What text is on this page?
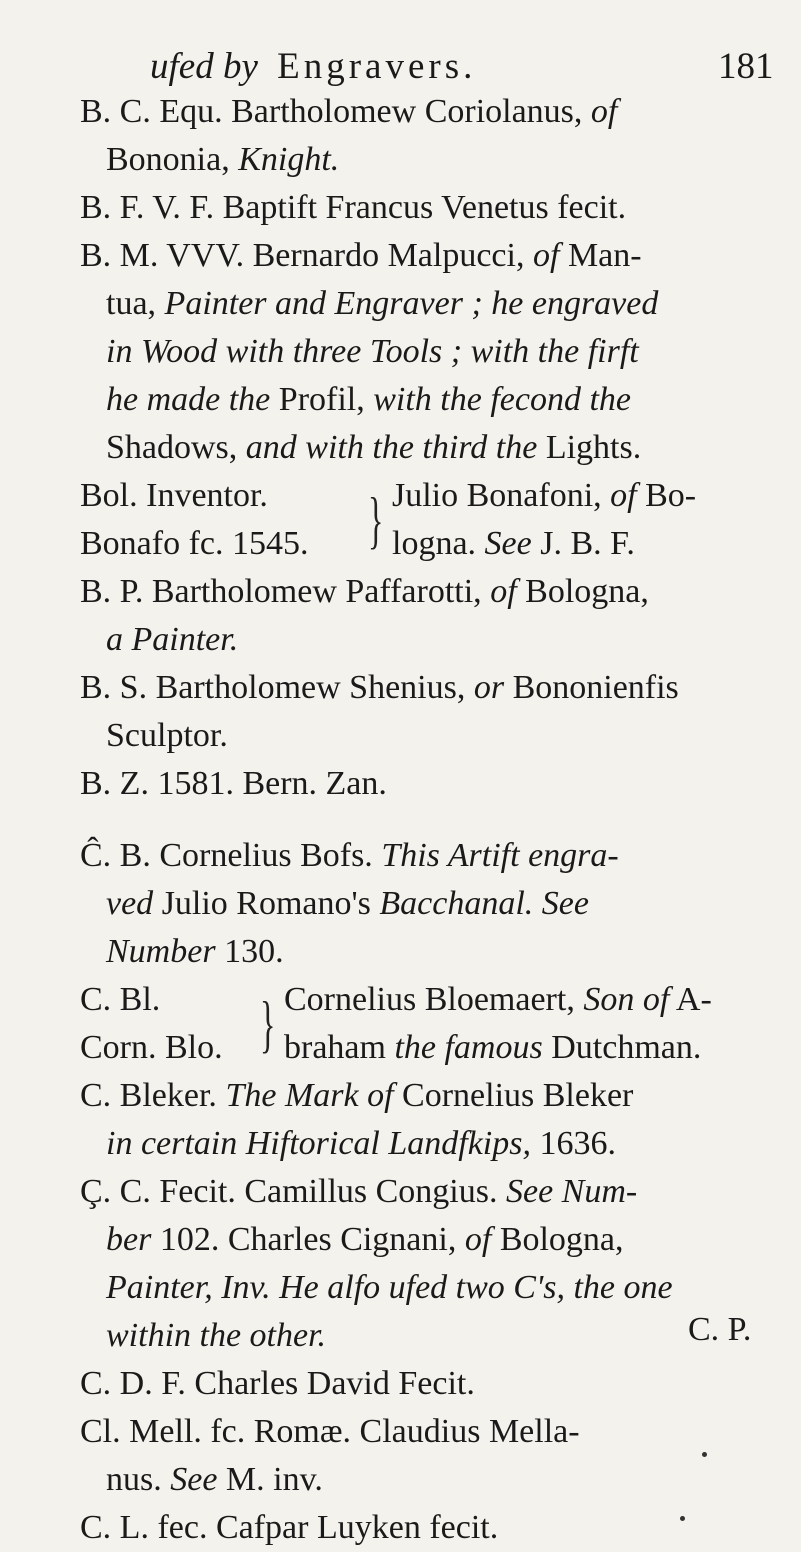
ufed by Engravers.	181
B. C. Equ. Bartholomew Coriolanus, of
Bononia, Knight.
B. F. V. F. Baptift Francus Venetus fecit.
B. M. VVV. Bernardo Malpucci, of Man-
tua, Painter and Engraver ; he engraved
in Wood with three Tools ; with the firft
he made the Profil, with the fecond the
Shadows, and with the third the Lights.
Bol. Inventor.
Bonafo fc. 1545. } Julio Bonafoni, of Bo-
logna. See J. B. F.
B. P. Bartholomew Paffarotti, of Bologna,
a Painter.
B. S. Bartholomew Shenius, or Bononienfis
Sculptor.
B. Z. 1581. Bern. Zan.
Ĉ. B. Cornelius Bofs. This Artift engra-
ved Julio Romano's Bacchanal. See
Number 130.
C. Bl.
Corn. Blo. } Cornelius Bloemaert, Son of A-
braham the famous Dutchman.
C. Bleker. The Mark of Cornelius Bleker
in certain Hiftorical Landfkips, 1636.
Ç. C. Fecit. Camillus Congius. See Num-
ber 102. Charles Cignani, of Bologna,
Painter, Inv. He alfo ufed two C's, the one
within the other.
C. D. F. Charles David Fecit.
Cl. Mell. fc. Romæ. Claudius Mella-
nus. See M. inv.
C. L. fec. Cafpar Luyken fecit.
C. P.
